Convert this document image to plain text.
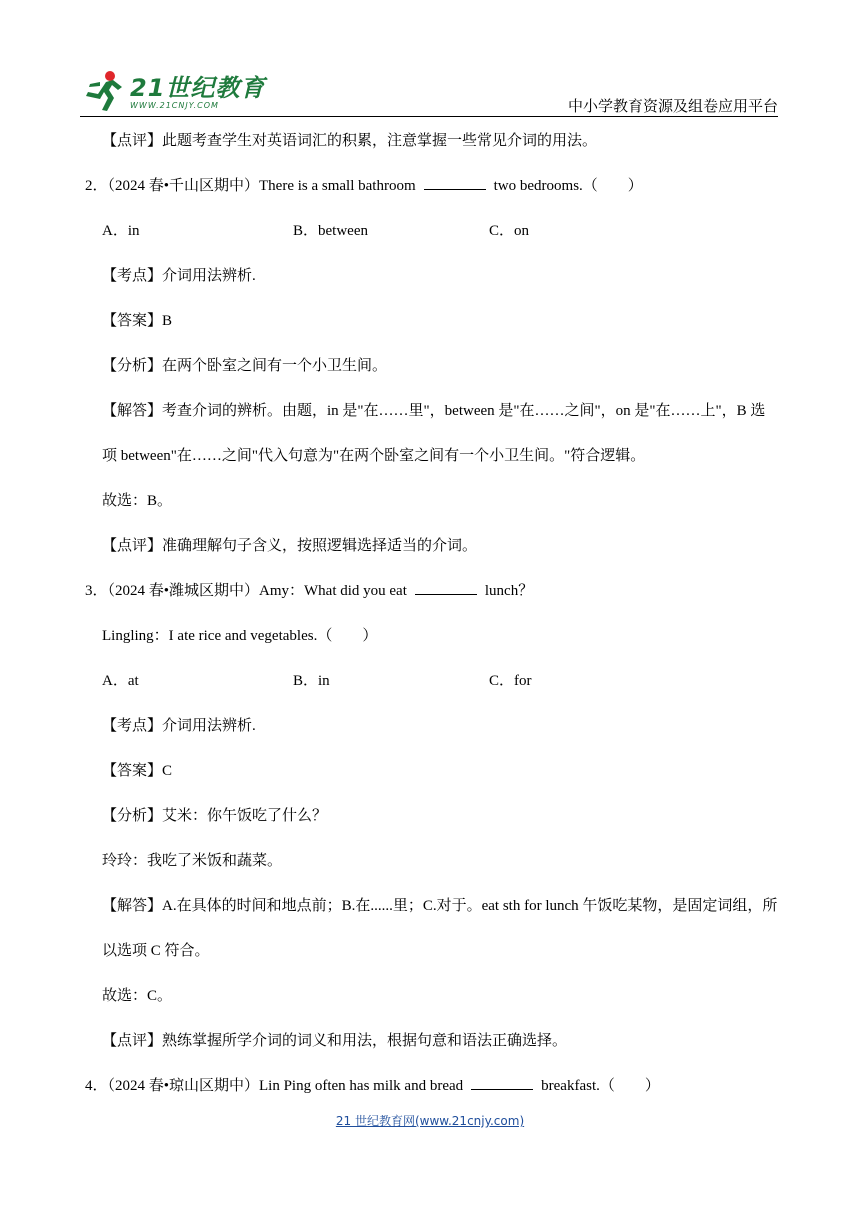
21世纪教育
WWW.21CNJY.COM	中小学教育资源及组卷应用平台
【点评】此题考查学生对英语词汇的积累，注意掌握一些常见介词的用法。
2．（2024 春•千山区期中）There is a small bathroom	two bedrooms.（　　）
A．in	B．between	C．on
【考点】介词用法辨析.
【答案】B
【分析】在两个卧室之间有一个小卫生间。
【解答】考查介词的辨析。由题，in 是"在……里"，between 是"在……之间"，on 是"在……上"，B 选
项 between"在……之间"代入句意为"在两个卧室之间有一个小卫生间。"符合逻辑。
故选：B。
【点评】准确理解句子含义，按照逻辑选择适当的介词。
3．（2024 春•潍城区期中）Amy：What did you eat	lunch？
Lingling：I ate rice and vegetables.（　　）
A．at	B．in	C．for
【考点】介词用法辨析.
【答案】C
【分析】艾米：你午饭吃了什么？
玲玲：我吃了米饭和蔬菜。
【解答】A.在具体的时间和地点前；B.在......里；C.对于。eat sth for lunch 午饭吃某物，是固定词组，所
以选项 C 符合。
故选：C。
【点评】熟练掌握所学介词的词义和用法，根据句意和语法正确选择。
4．（2024 春•琼山区期中）Lin Ping often has milk and bread	breakfast.（　　）
21 世纪教育网(www.21cnjy.com)
